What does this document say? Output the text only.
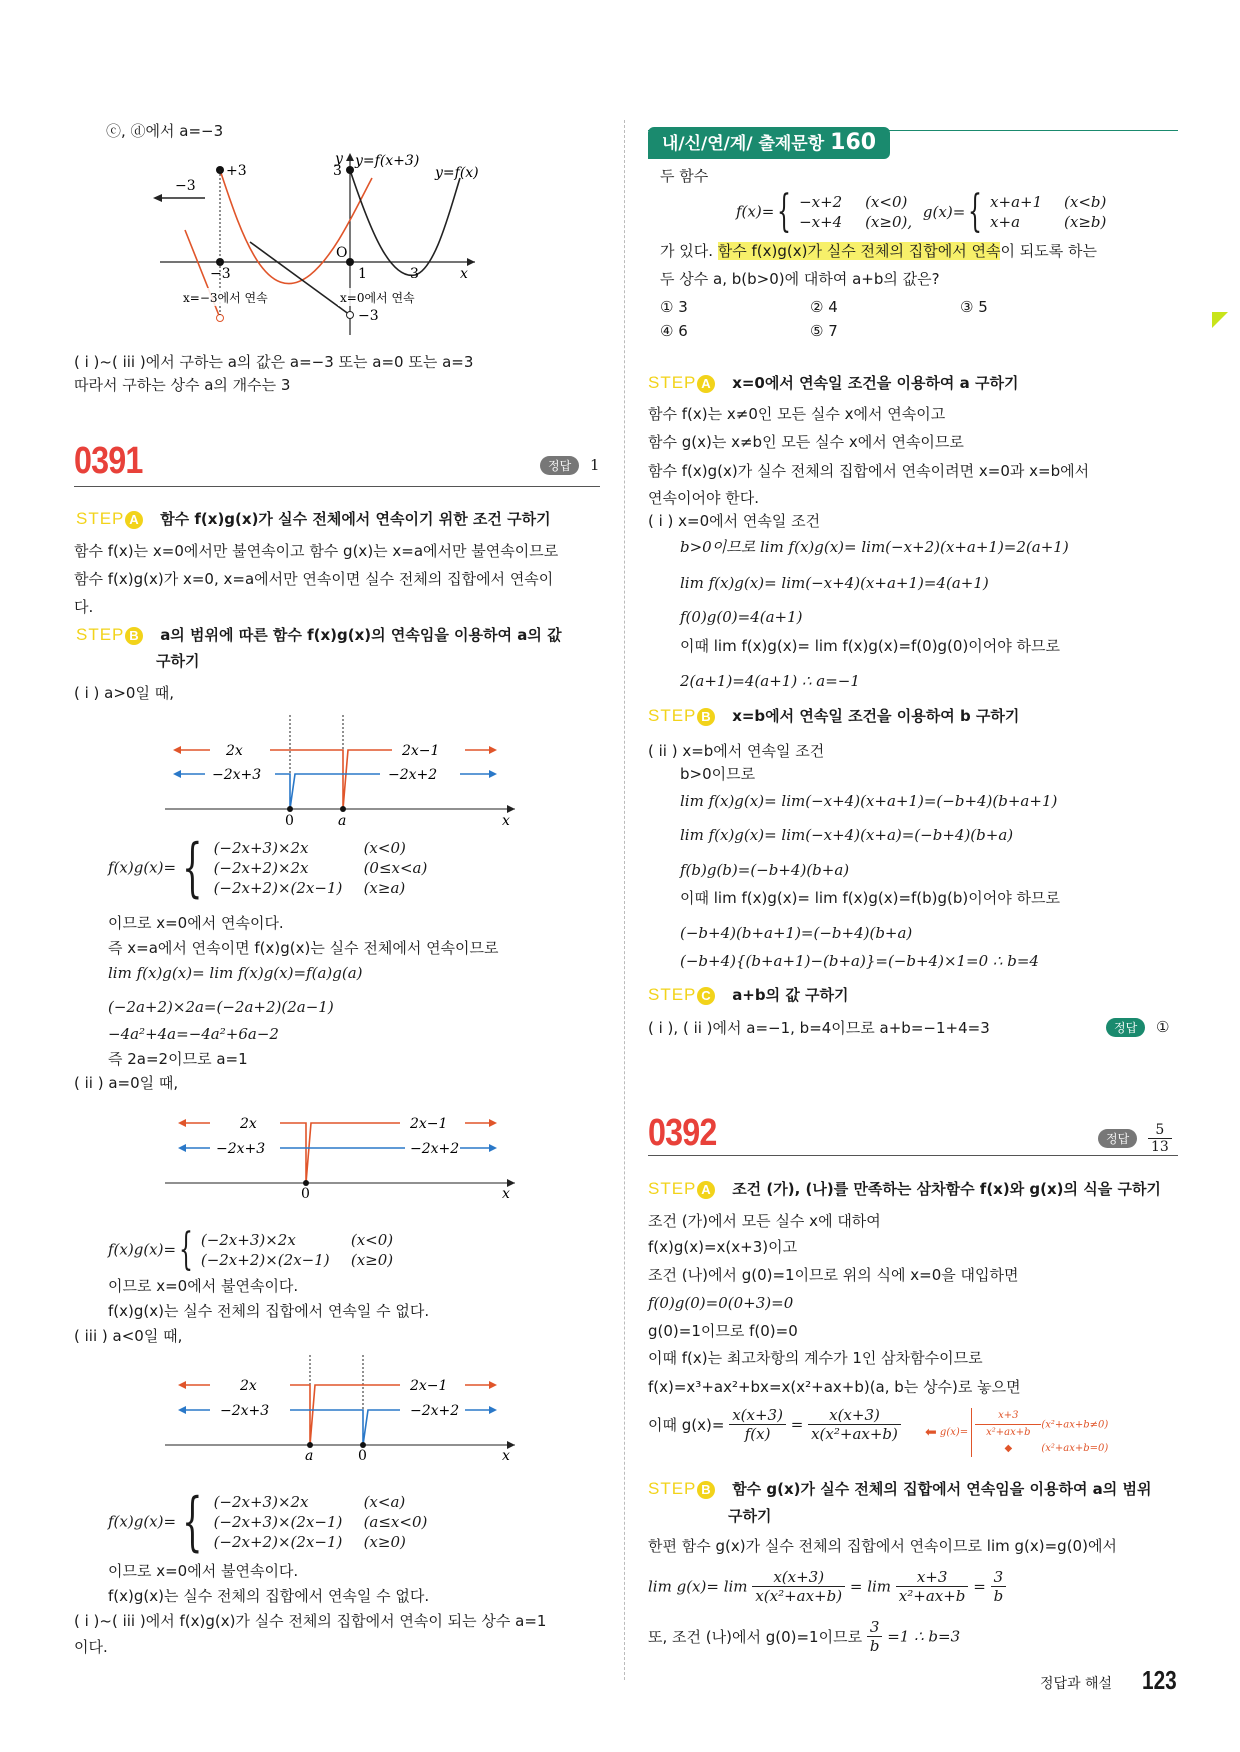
ⓒ, ⓓ에서 a=−3
+3	3
−3
O
−3	1	3	x
y
−3
y=f(x+3)
y=f(x)
x=−3에서 연속	x=0에서 연속
( i )~( iii )에서 구하는 a의 값은 a=−3 또는 a=0 또는 a=3
따라서 구하는 상수 a의 개수는 3
0391	정답 1
STEP A 함수 f(x)g(x)가 실수 전체에서 연속이기 위한 조건 구하기
함수 f(x)는 x=0에서만 불연속이고 함수 g(x)는 x=a에서만 불연속이므로
함수 f(x)g(x)가 x=0, x=a에서만 연속이면 실수 전체의 집합에서 연속이
다.
STEP B a의 범위에 따른 함수 f(x)g(x)의 연속임을 이용하여 a의 값
구하기
( i ) a>0일 때,
2x	2x−1
−2x+3	−2x+2
0	a	x
f(x)g(x)={ (−2x+3)×2x	(x<0)
(−2x+2)×2x	(0≤x<a)
(−2x+2)×(2x−1) (x≥a)
이므로 x=0에서 연속이다.
즉 x=a에서 연속이면 f(x)g(x)는 실수 전체에서 연속이므로
lim f(x)g(x)= lim f(x)g(x)=f(a)g(a)
(−2a+2)×2a=(−2a+2)(2a−1)
−4a²+4a=−4a²+6a−2
즉 2a=2이므로 a=1
( ii ) a=0일 때,
2x	2x−1
−2x+3	−2x+2
0	x
f(x)g(x)={ (−2x+3)×2x	(x<0)
(−2x+2)×(2x−1) (x≥0)
이므로 x=0에서 불연속이다.
f(x)g(x)는 실수 전체의 집합에서 연속일 수 없다.
( iii ) a<0일 때,
2x	2x−1
−2x+3	−2x+2
a	0	x
f(x)g(x)={ (−2x+3)×2x	(x<a)
(−2x+3)×(2x−1) (a≤x<0)
(−2x+2)×(2x−1) (x≥0)
이므로 x=0에서 불연속이다.
f(x)g(x)는 실수 전체의 집합에서 연속일 수 없다.
( i )~( iii )에서 f(x)g(x)가 실수 전체의 집합에서 연속이 되는 상수 a=1
이다.
내/신/연/계/ 출제문항 160
두 함수
f(x)={ −x+2 (x<0)
−x+4 (x≥0),
g(x)={ x+a+1 (x<b)
x+a	(x≥b)
가 있다. 함수 f(x)g(x)가 실수 전체의 집합에서 연속이 되도록 하는
두 상수 a, b(b>0)에 대하여 a+b의 값은?
① 3	② 4	③ 5
④ 6	⑤ 7
STEP A x=0에서 연속일 조건을 이용하여 a 구하기
함수 f(x)는 x≠0인 모든 실수 x에서 연속이고
함수 g(x)는 x≠b인 모든 실수 x에서 연속이므로
함수 f(x)g(x)가 실수 전체의 집합에서 연속이려면 x=0과 x=b에서
연속이어야 한다.
( i ) x=0에서 연속일 조건
b>0이므로 lim f(x)g(x)= lim(−x+2)(x+a+1)=2(a+1)
lim f(x)g(x)= lim(−x+4)(x+a+1)=4(a+1)
f(0)g(0)=4(a+1)
이때 lim f(x)g(x)= lim f(x)g(x)=f(0)g(0)이어야 하므로
2(a+1)=4(a+1) ∴ a=−1
STEP B x=b에서 연속일 조건을 이용하여 b 구하기
( ii ) x=b에서 연속일 조건
b>0이므로
lim f(x)g(x)= lim(−x+4)(x+a+1)=(−b+4)(b+a+1)
lim f(x)g(x)= lim(−x+4)(x+a)=(−b+4)(b+a)
f(b)g(b)=(−b+4)(b+a)
이때 lim f(x)g(x)= lim f(x)g(x)=f(b)g(b)이어야 하므로
(−b+4)(b+a+1)=(−b+4)(b+a)
(−b+4){(b+a+1)−(b+a)}=(−b+4)×1=0 ∴ b=4
STEP C a+b의 값 구하기
( i ), ( ii )에서 a=−1, b=4이므로 a+b=−1+4=3	정답 ①
0392	정답 $\frac{5}{13}$
STEP A 조건 (가), (나)를 만족하는 삼차함수 f(x)와 g(x)의 식을 구하기
조건 (가)에서 모든 실수 x에 대하여
f(x)g(x)=x(x+3)이고
조건 (나)에서 g(0)=1이므로 위의 식에 x=0을 대입하면
f(0)g(0)=0(0+3)=0
g(0)=1이므로 f(0)=0
이때 f(x)는 최고차항의 계수가 1인 삼차함수이므로
f(x)=x³+ax²+bx=x(x²+ax+b)(a, b는 상수)로 놓으면
이때 $g(x)= \frac{x(x+3)}{f(x)} = \frac{x(x+3)}{\text{x(x²+ax+b)}}$ ⬅ $g(x)= \frac{x+3}{\text{x²+ax+b}} (x^2+ax+b\ne 0)$
◆	(x²+ax+b=0)
STEP B 함수 g(x)가 실수 전체의 집합에서 연속임을 이용하여 a의 범위
구하기
한편 함수 g(x)가 실수 전체의 집합에서 연속이므로 lim g(x)=g(0)에서
$\lim g(x)= \lim \frac{x(x+3)}{\text{x(x²+ax+b)}} = \lim \frac{x+3}{\text{x²+ax+b}} = \frac{3}{b}$
또, 조건 (나)에서 g(0)=1이므로 $\frac{3}{b} =1$ ∴ b=3
정답과 해설 123
